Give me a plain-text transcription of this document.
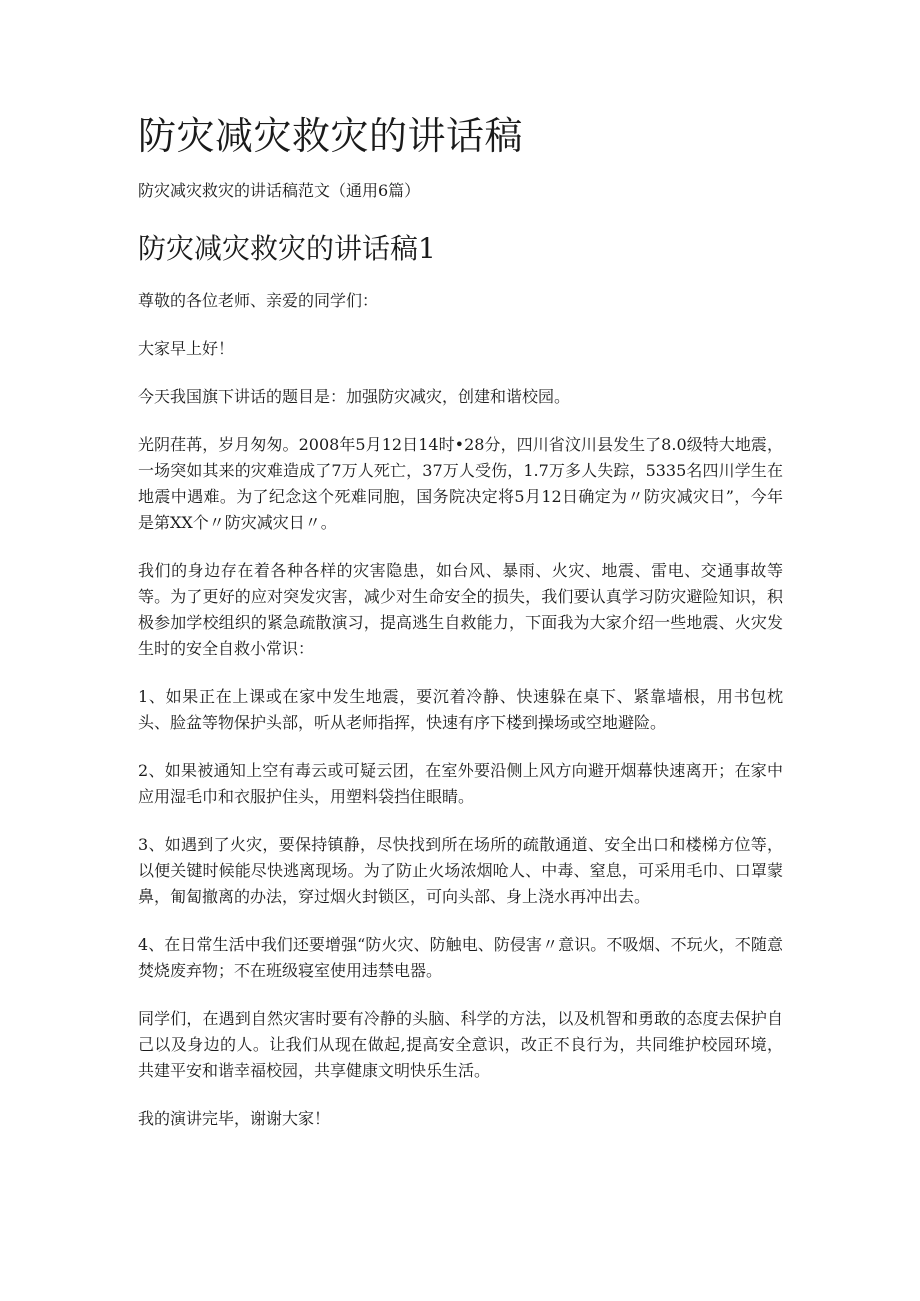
防灾减灾救灾的讲话稿

防灾减灾救灾的讲话稿范文（通用6篇）

防灾减灾救灾的讲话稿1

尊敬的各位老师、亲爱的同学们：

大家早上好！

今天我国旗下讲话的题目是：加强防灾减灾，创建和谐校园。

光阴荏苒，岁月匆匆。2008年5月12日14时•28分，四川省汶川县发生了8.0级特大地震，一场突如其来的灾难造成了7万人死亡，37万人受伤，1.7万多人失踪，5335名四川学生在地震中遇难。为了纪念这个死难同胞，国务院决定将5月12日确定为〃防灾减灾日”，今年是第XX个〃防灾减灾日〃。

我们的身边存在着各种各样的灾害隐患，如台风、暴雨、火灾、地震、雷电、交通事故等等。为了更好的应对突发灾害，减少对生命安全的损失，我们要认真学习防灾避险知识，积极参加学校组织的紧急疏散演习，提高逃生自救能力，下面我为大家介绍一些地震、火灾发生时的安全自救小常识：

1、如果正在上课或在家中发生地震，要沉着冷静、快速躲在桌下、紧靠墙根，用书包枕头、脸盆等物保护头部，听从老师指挥，快速有序下楼到操场或空地避险。

2、如果被通知上空有毒云或可疑云团，在室外要沿侧上风方向避开烟幕快速离开；在家中应用湿毛巾和衣服护住头，用塑料袋挡住眼睛。

3、如遇到了火灾，要保持镇静，尽快找到所在场所的疏散通道、安全出口和楼梯方位等，以便关键时候能尽快逃离现场。为了防止火场浓烟呛人、中毒、窒息，可采用毛巾、口罩蒙鼻，匍匐撤离的办法，穿过烟火封锁区，可向头部、身上浇水再冲出去。

4、在日常生活中我们还要增强“防火灾、防触电、防侵害〃意识。不吸烟、不玩火，不随意焚烧废弃物；不在班级寝室使用违禁电器。

同学们，在遇到自然灾害时要有冷静的头脑、科学的方法，以及机智和勇敢的态度去保护自己以及身边的人。让我们从现在做起,提高安全意识，改正不良行为，共同维护校园环境，共建平安和谐幸福校园，共享健康文明快乐生活。

我的演讲完毕，谢谢大家！
